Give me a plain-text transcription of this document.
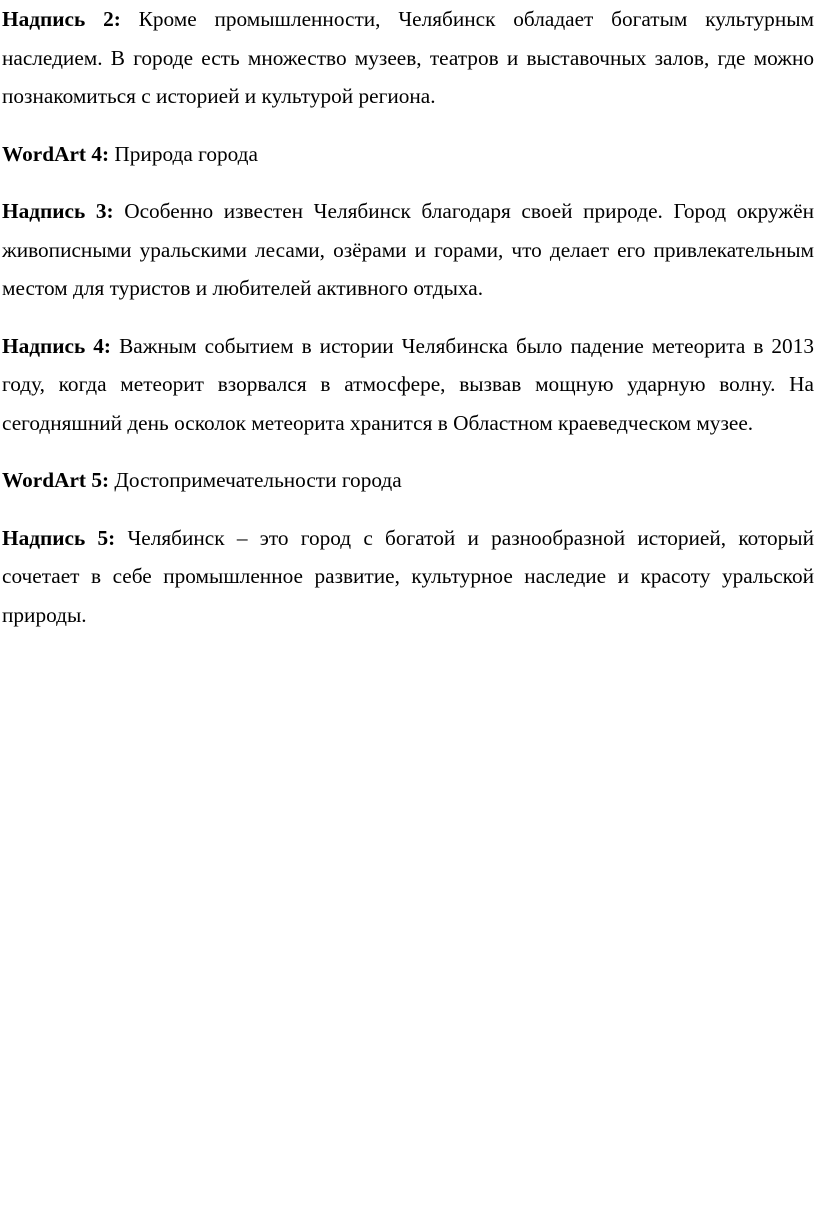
Надпись 2: Кроме промышленности, Челябинск обладает богатым культурным наследием. В городе есть множество музеев, театров и выставочных залов, где можно познакомиться с историей и культурой региона.

WordArt 4: Природа города

Надпись 3: Особенно известен Челябинск благодаря своей природе. Город окружён живописными уральскими лесами, озёрами и горами, что делает его привлекательным местом для туристов и любителей активного отдыха.

Надпись 4: Важным событием в истории Челябинска было падение метеорита в 2013 году, когда метеорит взорвался в атмосфере, вызвав мощную ударную волну. На сегодняшний день осколок метеорита хранится в Областном краеведческом музее.

WordArt 5: Достопримечательности города

Надпись 5: Челябинск – это город с богатой и разнообразной историей, который сочетает в себе промышленное развитие, культурное наследие и красоту уральской природы.
